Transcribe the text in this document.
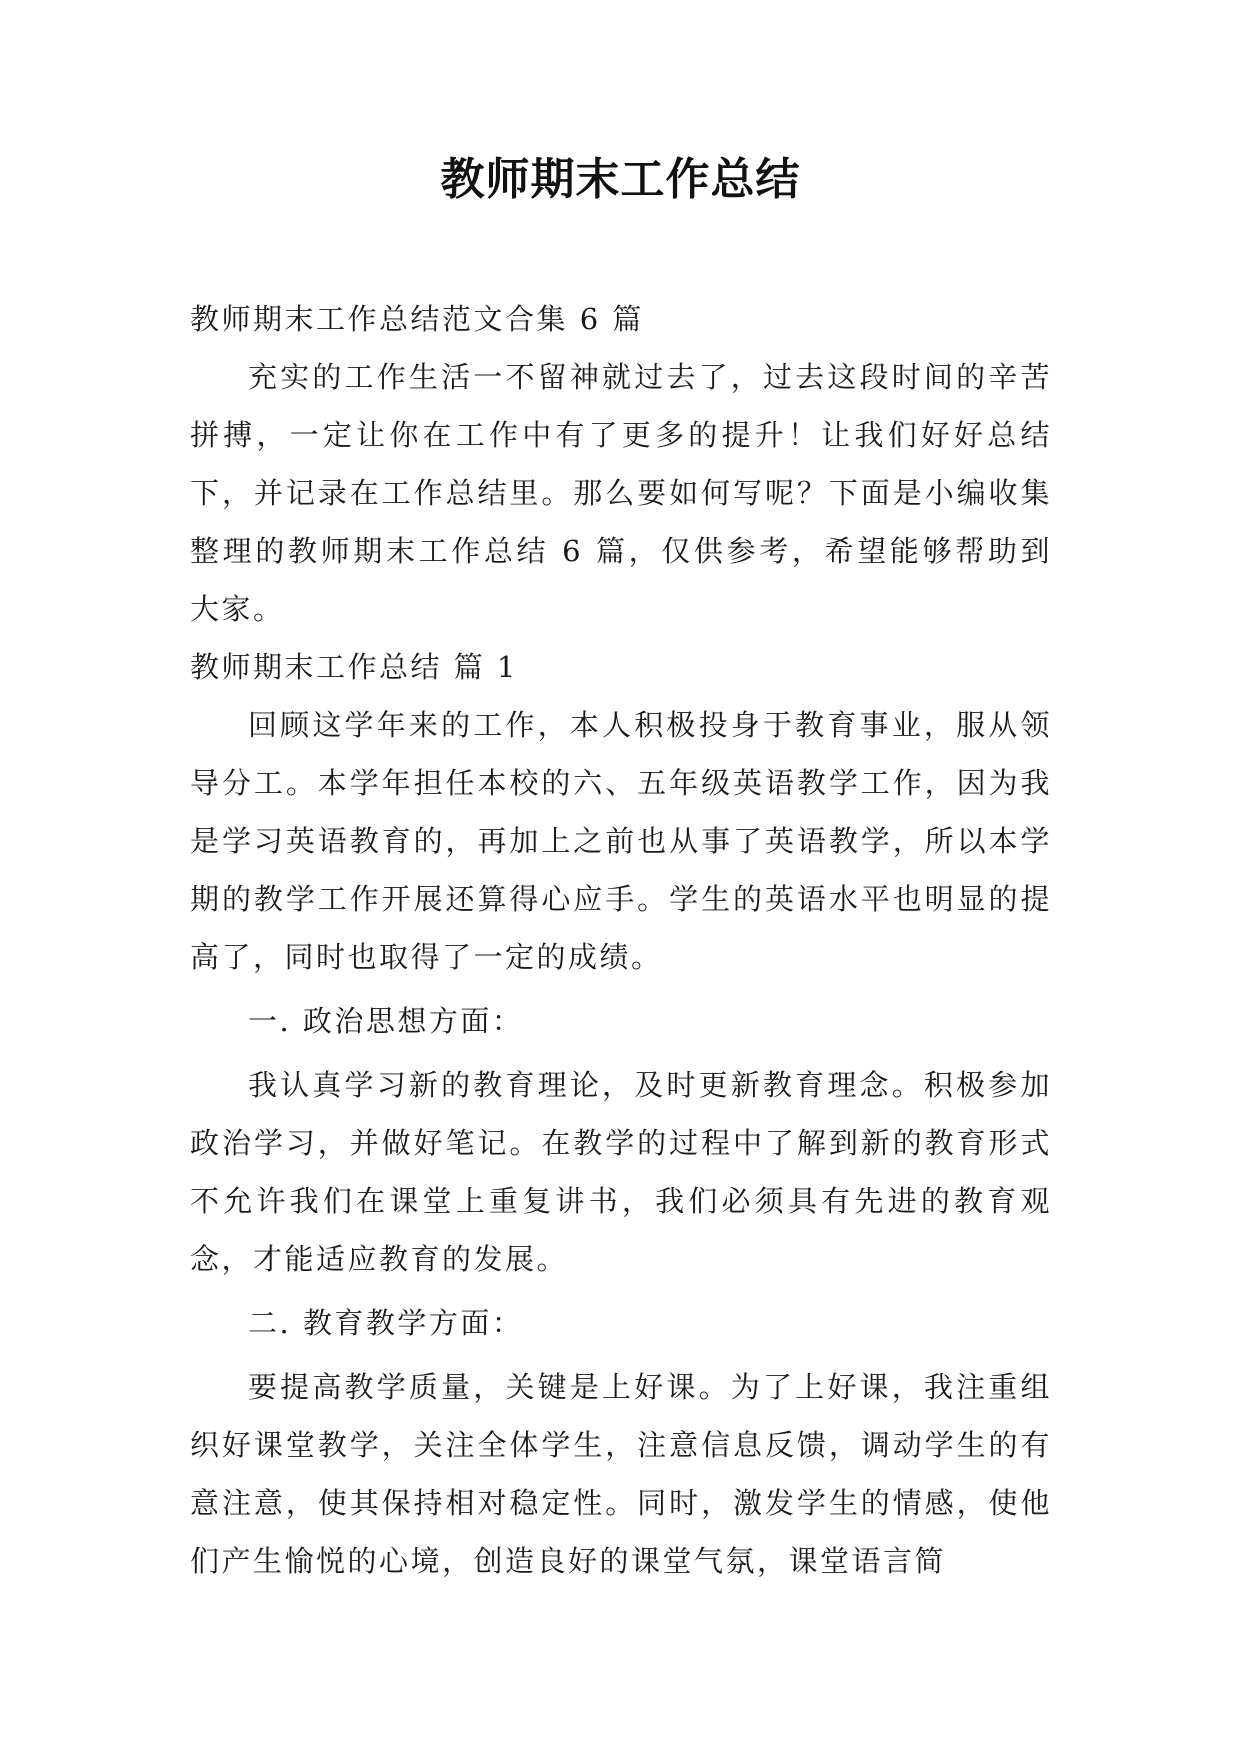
教师期末工作总结

教师期末工作总结范文合集 6 篇

充实的工作生活一不留神就过去了，过去这段时间的辛苦拼搏，一定让你在工作中有了更多的提升！让我们好好总结下，并记录在工作总结里。那么要如何写呢？下面是小编收集整理的教师期末工作总结 6 篇，仅供参考，希望能够帮助到大家。

教师期末工作总结 篇 1

回顾这学年来的工作，本人积极投身于教育事业，服从领导分工。本学年担任本校的六、五年级英语教学工作，因为我是学习英语教育的，再加上之前也从事了英语教学，所以本学期的教学工作开展还算得心应手。学生的英语水平也明显的提高了，同时也取得了一定的成绩。

一. 政治思想方面：

我认真学习新的教育理论，及时更新教育理念。积极参加政治学习，并做好笔记。在教学的过程中了解到新的教育形式不允许我们在课堂上重复讲书，我们必须具有先进的教育观念，才能适应教育的发展。

二. 教育教学方面：

要提高教学质量，关键是上好课。为了上好课，我注重组织好课堂教学，关注全体学生，注意信息反馈，调动学生的有意注意，使其保持相对稳定性。同时，激发学生的情感，使他们产生愉悦的心境，创造良好的课堂气氛，课堂语言简
